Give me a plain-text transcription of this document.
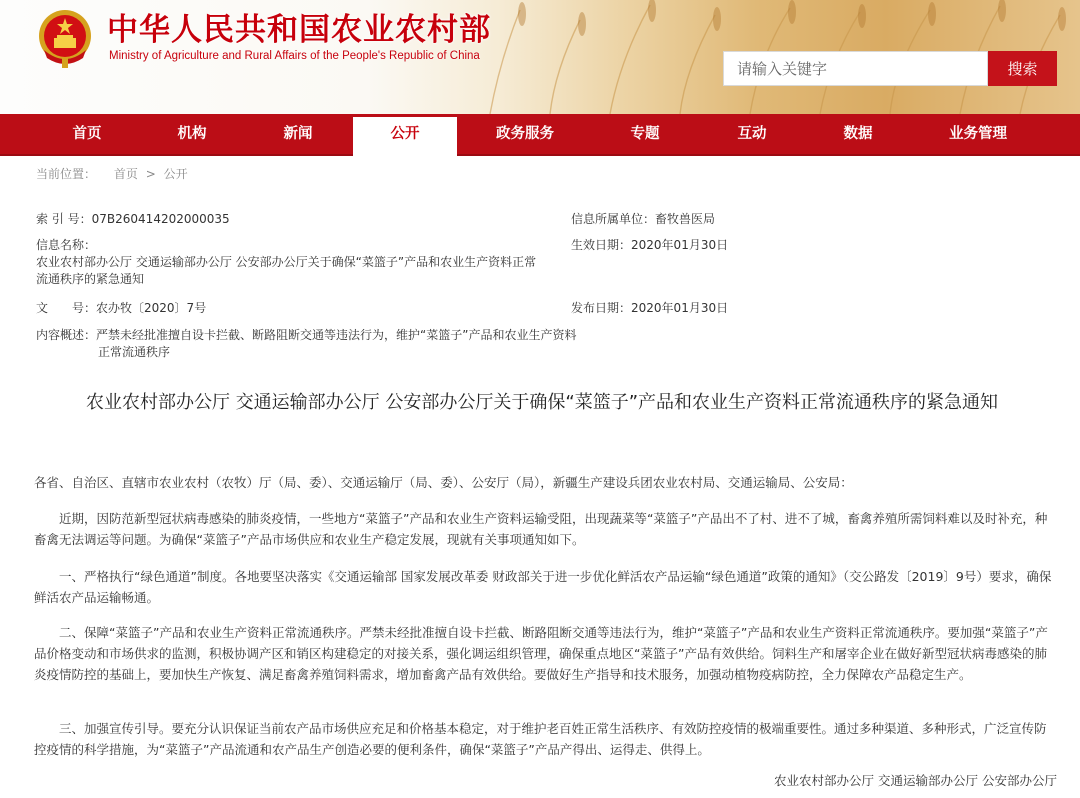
中华人民共和国农业农村部
Ministry of Agriculture and Rural Affairs of the People's Republic of China
请输入关键字
搜索
首页	机构	新闻	公开	政务服务	专题	互动	数据	业务管理
当前位置： 首页 > 公开
索 引 号：07B260414202000035	信息所属单位：畜牧兽医局
信息名称：
农业农村部办公厅 交通运输部办公厅 公安部办公厅关于确保“菜篮子”产品和农业生产资料正常流通秩序的紧急通知
生效日期：2020年01月30日
文　　号：农办牧〔2020〕7号	发布日期：2020年01月30日
内容概述：严禁未经批准擅自设卡拦截、断路阻断交通等违法行为，维护“菜篮子”产品和农业生产资料正常流通秩序
农业农村部办公厅 交通运输部办公厅 公安部办公厅关于确保“菜篮子”产品和农业生产资料正常流通秩序的紧急通知

各省、自治区、直辖市农业农村（农牧）厅（局、委）、交通运输厅（局、委）、公安厅（局），新疆生产建设兵团农业农村局、交通运输局、公安局：

近期，因防范新型冠状病毒感染的肺炎疫情，一些地方“菜篮子”产品和农业生产资料运输受阻，出现蔬菜等“菜篮子”产品出不了村、进不了城，畜禽养殖所需饲料难以及时补充，种畜禽无法调运等问题。为确保“菜篮子”产品市场供应和农业生产稳定发展，现就有关事项通知如下。

一、严格执行“绿色通道”制度。各地要坚决落实《交通运输部 国家发展改革委 财政部关于进一步优化鲜活农产品运输“绿色通道”政策的通知》（交公路发〔2019〕9号）要求，确保鲜活农产品运输畅通。

二、保障“菜篮子”产品和农业生产资料正常流通秩序。严禁未经批准擅自设卡拦截、断路阻断交通等违法行为，维护“菜篮子”产品和农业生产资料正常流通秩序。要加强“菜篮子”产品价格变动和市场供求的监测，积极协调产区和销区构建稳定的对接关系，强化调运组织管理，确保重点地区“菜篮子”产品有效供给。饲料生产和屠宰企业在做好新型冠状病毒感染的肺炎疫情防控的基础上，要加快生产恢复、满足畜禽养殖饲料需求，增加畜禽产品有效供给。要做好生产指导和技术服务，加强动植物疫病防控，全力保障农产品稳定生产。

三、加强宣传引导。要充分认识保证当前农产品市场供应充足和价格基本稳定，对于维护老百姓正常生活秩序、有效防控疫情的极端重要性。通过多种渠道、多种形式，广泛宣传防控疫情的科学措施，为“菜篮子”产品流通和农产品生产创造必要的便利条件，确保“菜篮子”产品产得出、运得走、供得上。

农业农村部办公厅 交通运输部办公厅 公安部办公厅
